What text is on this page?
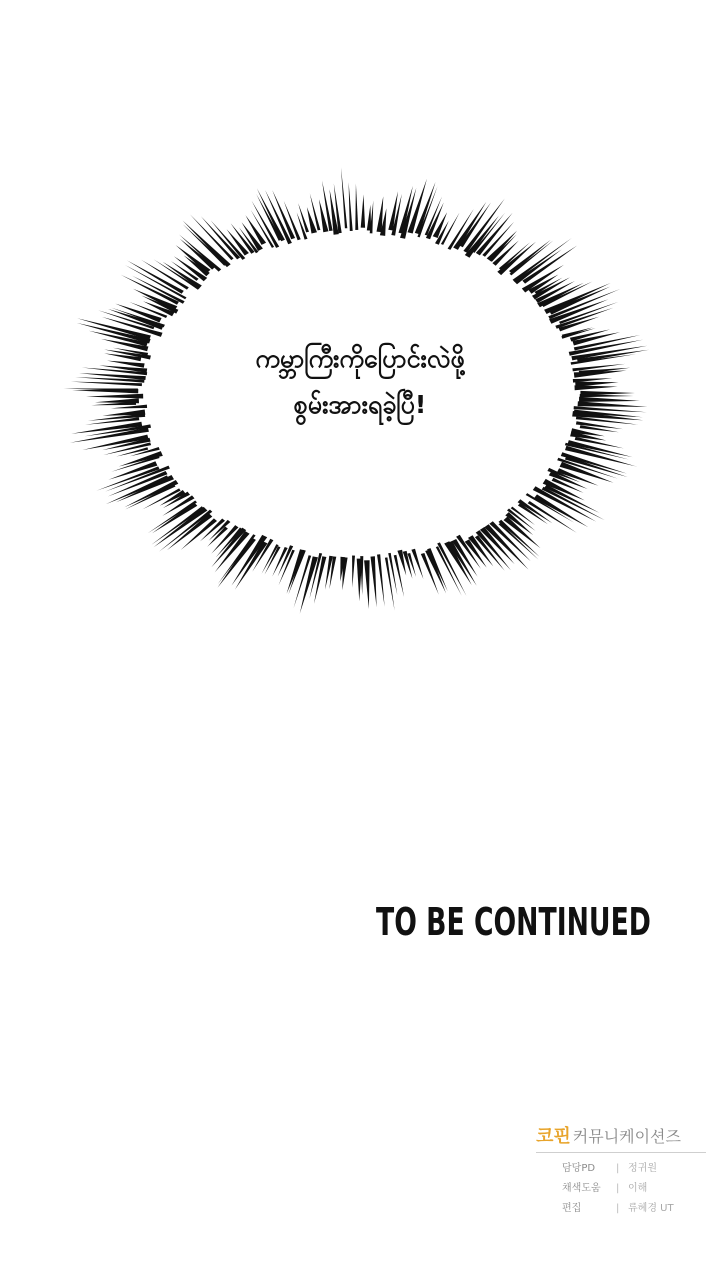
ကမ္ဘာကြီးကိုပြောင်းလဲဖို့
စွမ်းအားရခဲ့ပြီ!
TO BE CONTINUED
코핀 커뮤니케이션즈
담당PD	| 정귀원
채색도움	| 이해
편집	| 류혜경 UT
